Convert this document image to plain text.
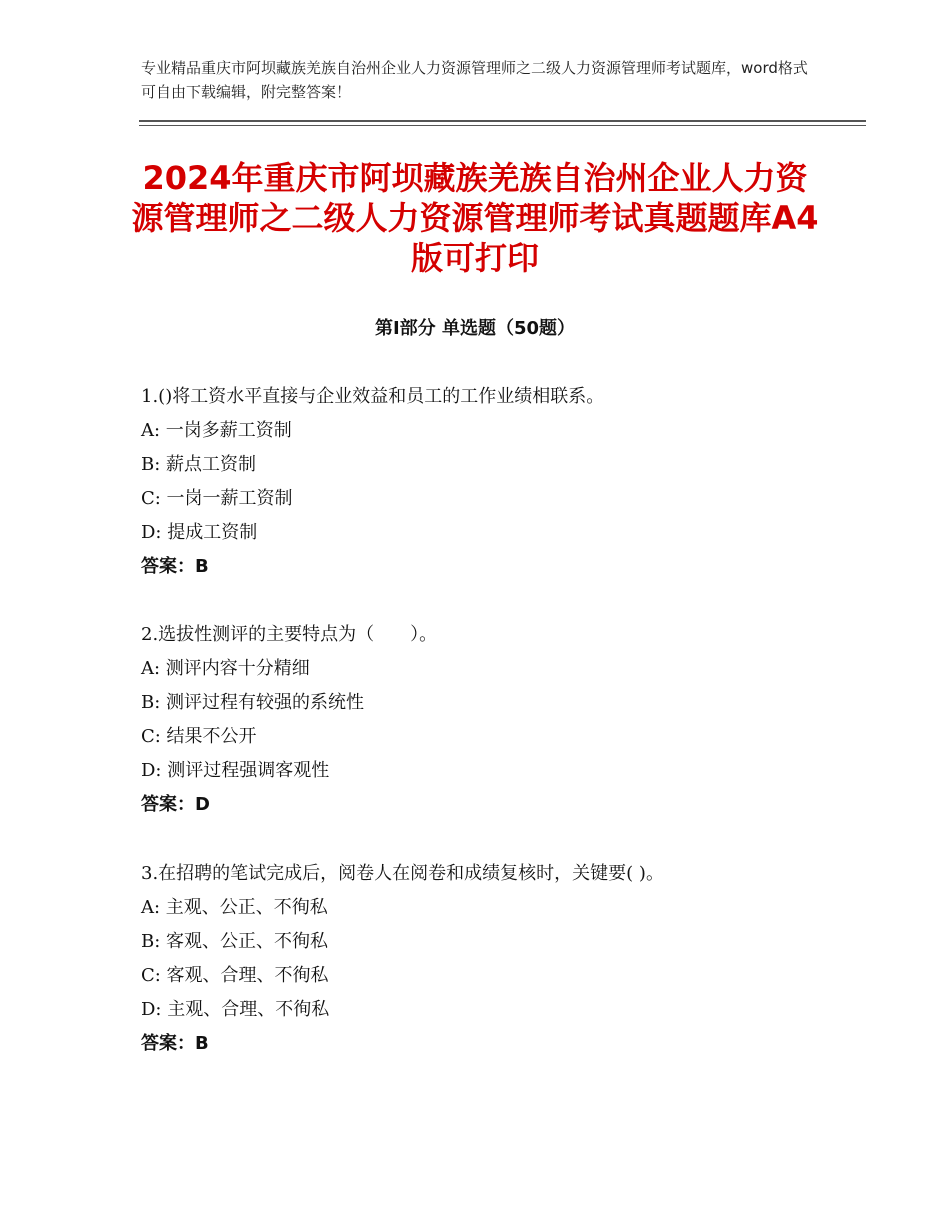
专业精品重庆市阿坝藏族羌族自治州企业人力资源管理师之二级人力资源管理师考试题库，word格式可自由下载编辑，附完整答案！
2024年重庆市阿坝藏族羌族自治州企业人力资源管理师之二级人力资源管理师考试真题题库A4版可打印
第Ⅰ部分 单选题（50题）
1.()将工资水平直接与企业效益和员工的工作业绩相联系。
A: 一岗多薪工资制
B: 薪点工资制
C: 一岗一薪工资制
D: 提成工资制
答案：B
2.选拔性测评的主要特点为（　　）。
A: 测评内容十分精细
B: 测评过程有较强的系统性
C: 结果不公开
D: 测评过程强调客观性
答案：D
3.在招聘的笔试完成后，阅卷人在阅卷和成绩复核时，关键要( )。
A: 主观、公正、不徇私
B: 客观、公正、不徇私
C: 客观、合理、不徇私
D: 主观、合理、不徇私
答案：B
